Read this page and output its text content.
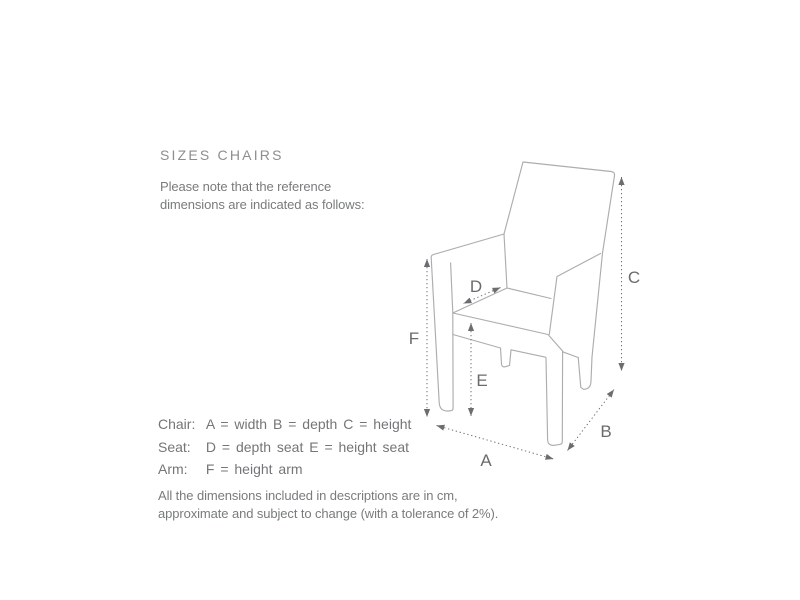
SIZES CHAIRS

Please note that the reference
dimensions are indicated as follows:

Chair: A = width B = depth C = height
Seat: D = depth seat E = height seat
Arm: F = height arm

All the dimensions included in descriptions are in cm,
approximate and subject to change (with a tolerance of 2%).

A
B
C
D
E
F
